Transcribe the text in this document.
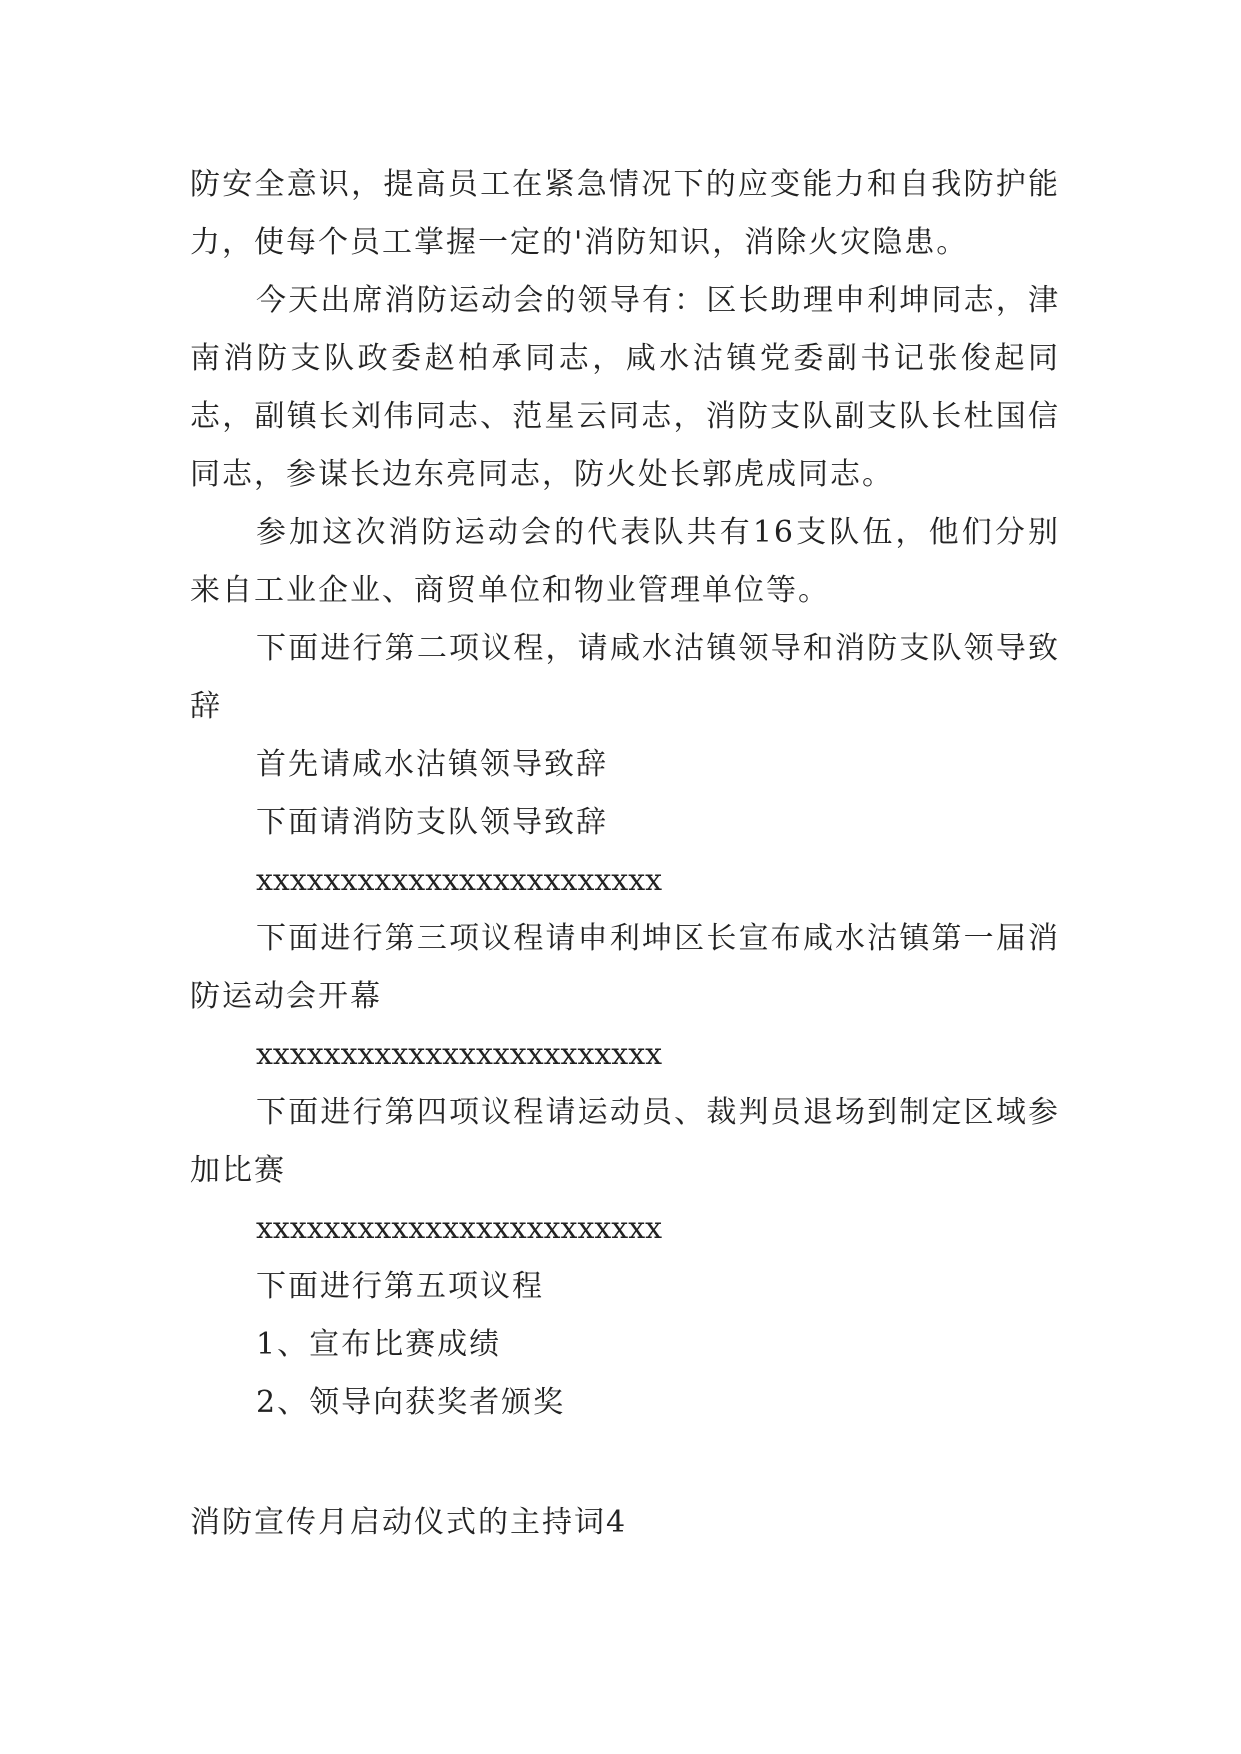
防安全意识，提高员工在紧急情况下的应变能力和自我防护能力，使每个员工掌握一定的'消防知识，消除火灾隐患。

今天出席消防运动会的领导有：区长助理申利坤同志，津南消防支队政委赵柏承同志，咸水沽镇党委副书记张俊起同志，副镇长刘伟同志、范星云同志，消防支队副支队长杜国信同志，参谋长边东亮同志，防火处长郭虎成同志。

参加这次消防运动会的代表队共有16支队伍，他们分别来自工业企业、商贸单位和物业管理单位等。

下面进行第二项议程，请咸水沽镇领导和消防支队领导致辞

首先请咸水沽镇领导致辞

下面请消防支队领导致辞

xxxxxxxxxxxxxxxxxxxxxxxx

下面进行第三项议程请申利坤区长宣布咸水沽镇第一届消防运动会开幕

xxxxxxxxxxxxxxxxxxxxxxxx

下面进行第四项议程请运动员、裁判员退场到制定区域参加比赛

xxxxxxxxxxxxxxxxxxxxxxxx

下面进行第五项议程

1、宣布比赛成绩

2、领导向获奖者颁奖

消防宣传月启动仪式的主持词4
